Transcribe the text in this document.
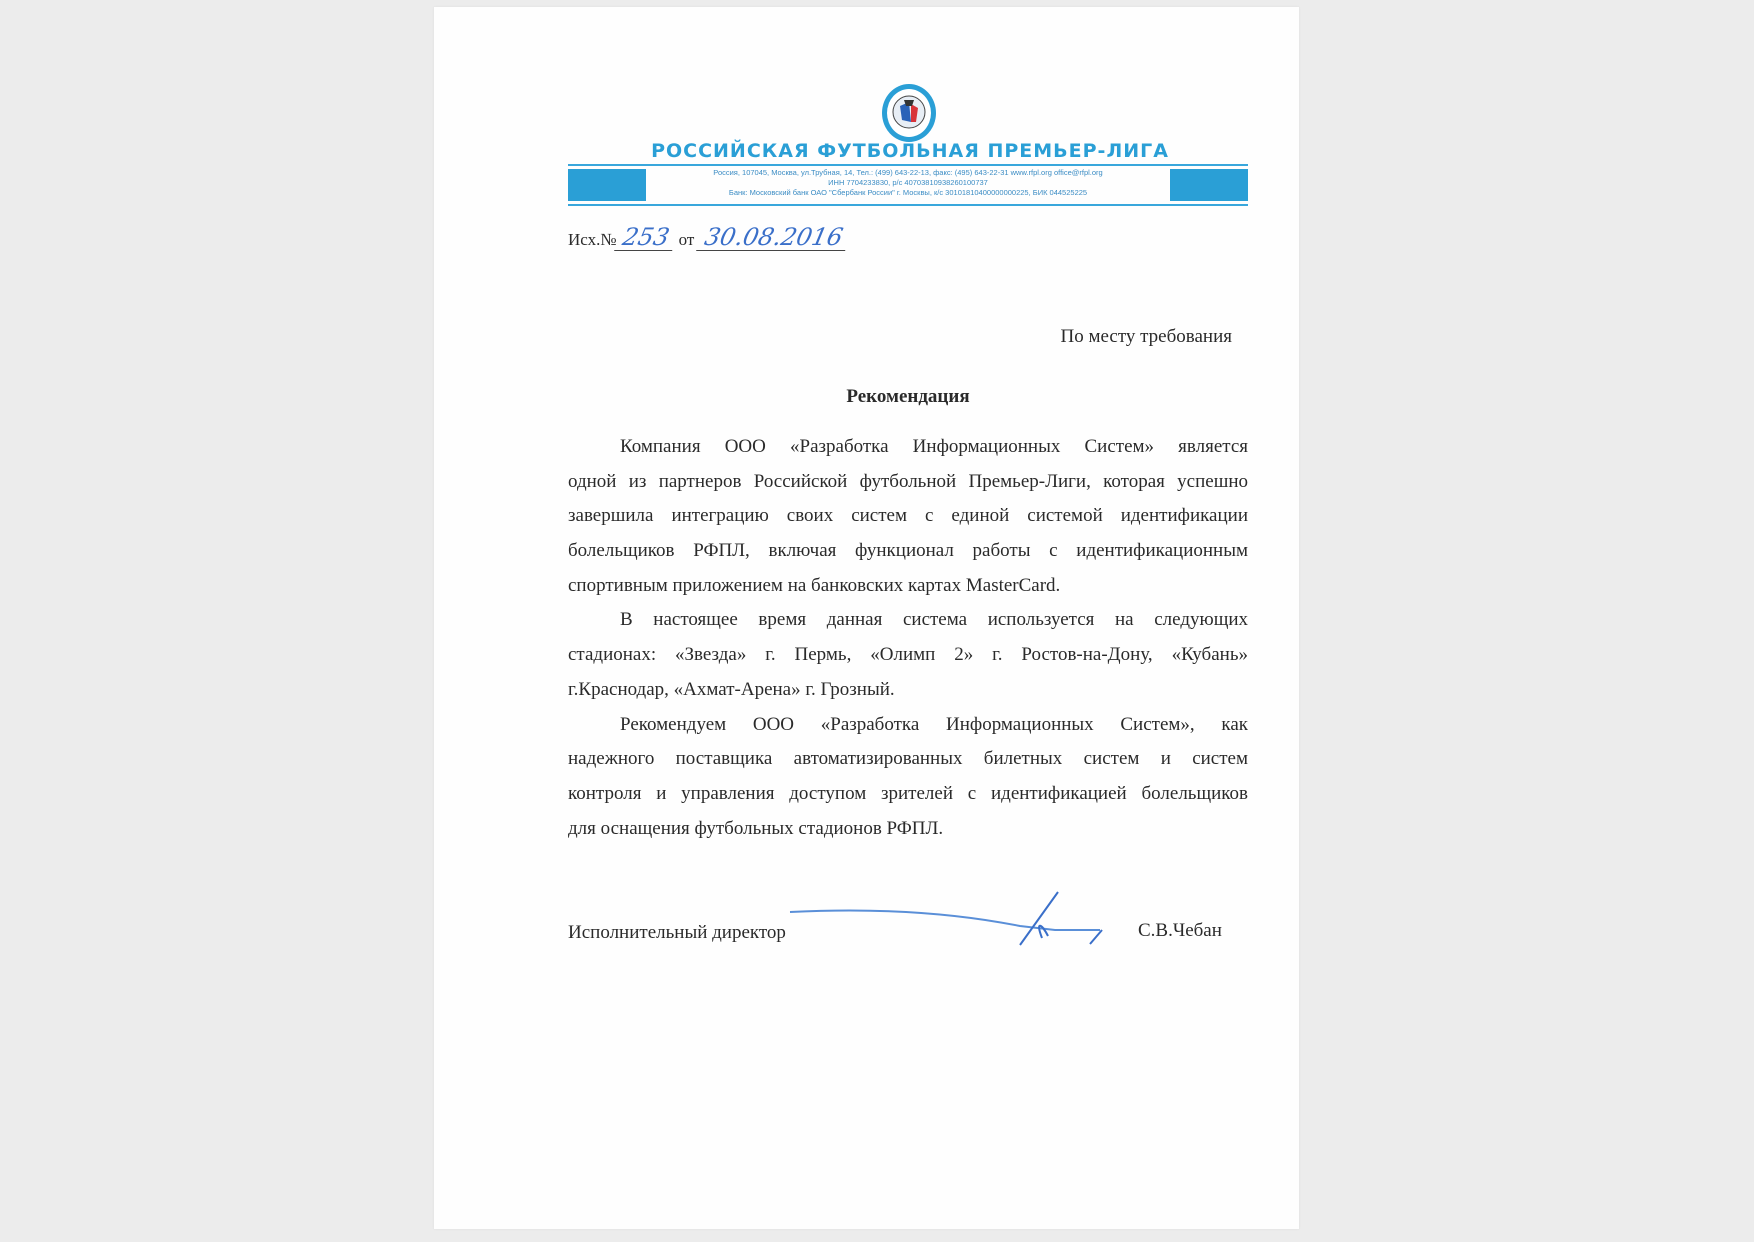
РОССИЙСКАЯ ФУТБОЛЬНАЯ ПРЕМЬЕР-ЛИГА
Россия, 107045, Москва, ул.Трубная, 14, Тел.: (499) 643-22-13, факс: (495) 643-22-31 www.rfpl.org office@rfpl.org
ИНН 7704233830, р/с 40703810938260100737
Банк: Московский банк ОАО "Сбербанк России" г. Москвы, к/с 30101810400000000225, БИК 044525225
Исх.№ 253 от 30.08.2016
По месту требования
Рекомендация
Компания ООО «Разработка Информационных Систем» является
одной из партнеров Российской футбольной Премьер-Лиги, которая успешно
завершила интеграцию своих систем с единой системой идентификации
болельщиков РФПЛ, включая функционал работы с идентификационным
спортивным приложением на банковских картах MasterCard.
В настоящее время данная система используется на следующих
стадионах: «Звезда» г. Пермь, «Олимп 2» г. Ростов-на-Дону, «Кубань»
г.Краснодар, «Ахмат-Арена» г. Грозный.
Рекомендуем ООО «Разработка Информационных Систем», как
надежного поставщика автоматизированных билетных систем и систем
контроля и управления доступом зрителей с идентификацией болельщиков
для оснащения футбольных стадионов РФПЛ.
Исполнительный директор	С.В.Чебан
